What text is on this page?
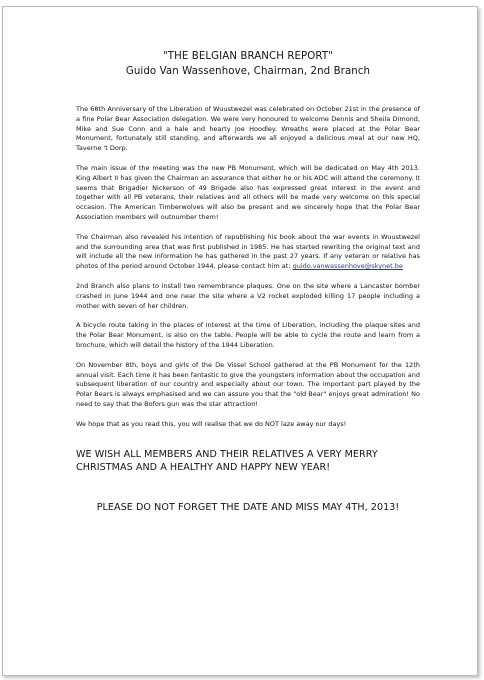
"THE BELGIAN BRANCH REPORT"

Guido Van Wassenhove, Chairman, 2nd Branch

The 68th Anniversary of the Liberation of Wuustwezel was celebrated on October 21st in the presence of a fine Polar Bear Association delegation. We were very honoured to welcome Dennis and Sheila Dimond, Mike and Sue Conn and a hale and hearty Joe Hoodley. Wreaths were placed at the Polar Bear Monument, fortunately still standing, and afterwards we all enjoyed a delicious meal at our new HQ, Taverne 't Dorp.

The main issue of the meeting was the new PB Monument, which will be dedicated on May 4th 2013. King Albert II has given the Chairman an assurance that either he or his ADC will attend the ceremony. It seems that Brigadier Nickerson of 49 Brigade also has expressed great interest in the event and together with all PB veterans, their relatives and all others will be made very welcome on this special occasion. The American Timberwolves will also be present and we sincerely hope that the Polar Bear Association members will outnumber them!

The Chairman also revealed his intention of republishing his book about the war events in Wuustwezel and the surrounding area that was first published in 1985. He has started rewriting the original text and will include all the new information he has gathered in the past 27 years. If any veteran or relative has photos of the period around October 1944, please contact him at: guido.vanwassenhove@skynet.be

2nd Branch also plans to install two remembrance plaques. One on the site where a Lancaster bomber crashed in June 1944 and one near the site where a V2 rocket exploded killing 17 people including a mother with seven of her children.

A bicycle route taking in the places of interest at the time of Liberation, including the plaque sites and the Polar Bear Monument, is also on the table. People will be able to cycle the route and learn from a brochure, which will detail the history of the 1944 Liberation.

On November 8th, boys and girls of the De Vissel School gathered at the PB Monument for the 12th annual visit. Each time it has been fantastic to give the youngsters information about the occupation and subsequent liberation of our country and especially about our town. The important part played by the Polar Bears is always emphasised and we can assure you that the "old Bear" enjoys great admiration! No need to say that the Bofors gun was the star attraction!

We hope that as you read this, you will realise that we do NOT laze away our days!

WE WISH ALL MEMBERS AND THEIR RELATIVES A VERY MERRY CHRISTMAS AND A HEALTHY AND HAPPY NEW YEAR!

PLEASE DO NOT FORGET THE DATE AND MISS MAY 4TH, 2013!
